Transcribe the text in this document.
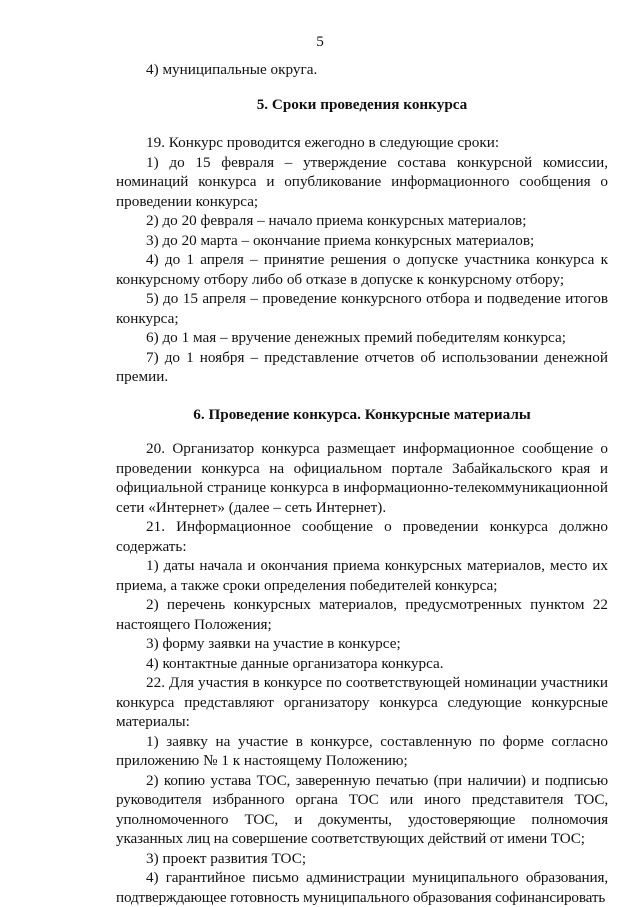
5

4) муниципальные округа.

5. Сроки проведения конкурса

19. Конкурс проводится ежегодно в следующие сроки:

1) до 15 февраля – утверждение состава конкурсной комиссии, номинаций конкурса и опубликование информационного сообщения о проведении конкурса;

2) до 20 февраля – начало приема конкурсных материалов;

3) до 20 марта – окончание приема конкурсных материалов;

4) до 1 апреля – принятие решения о допуске участника конкурса к конкурсному отбору либо об отказе в допуске к конкурсному отбору;

5) до 15 апреля – проведение конкурсного отбора и подведение итогов конкурса;

6) до 1 мая – вручение денежных премий победителям конкурса;

7) до 1 ноября – представление отчетов об использовании денежной премии.

6. Проведение конкурса. Конкурсные материалы

20. Организатор конкурса размещает информационное сообщение о проведении конкурса на официальном портале Забайкальского края и официальной странице конкурса в информационно-телекоммуникационной сети «Интернет» (далее – сеть Интернет).

21. Информационное сообщение о проведении конкурса должно содержать:

1) даты начала и окончания приема конкурсных материалов, место их приема, а также сроки определения победителей конкурса;

2) перечень конкурсных материалов, предусмотренных пунктом 22 настоящего Положения;

3) форму заявки на участие в конкурсе;

4) контактные данные организатора конкурса.

22. Для участия в конкурсе по соответствующей номинации участники конкурса представляют организатору конкурса следующие конкурсные материалы:

1) заявку на участие в конкурсе, составленную по форме согласно приложению № 1 к настоящему Положению;

2) копию устава ТОС, заверенную печатью (при наличии) и подписью руководителя избранного органа ТОС или иного представителя ТОС, уполномоченного ТОС, и документы, удостоверяющие полномочия указанных лиц на совершение соответствующих действий от имени ТОС;

3) проект развития ТОС;

4) гарантийное письмо администрации муниципального образования, подтверждающее готовность муниципального образования софинансировать
